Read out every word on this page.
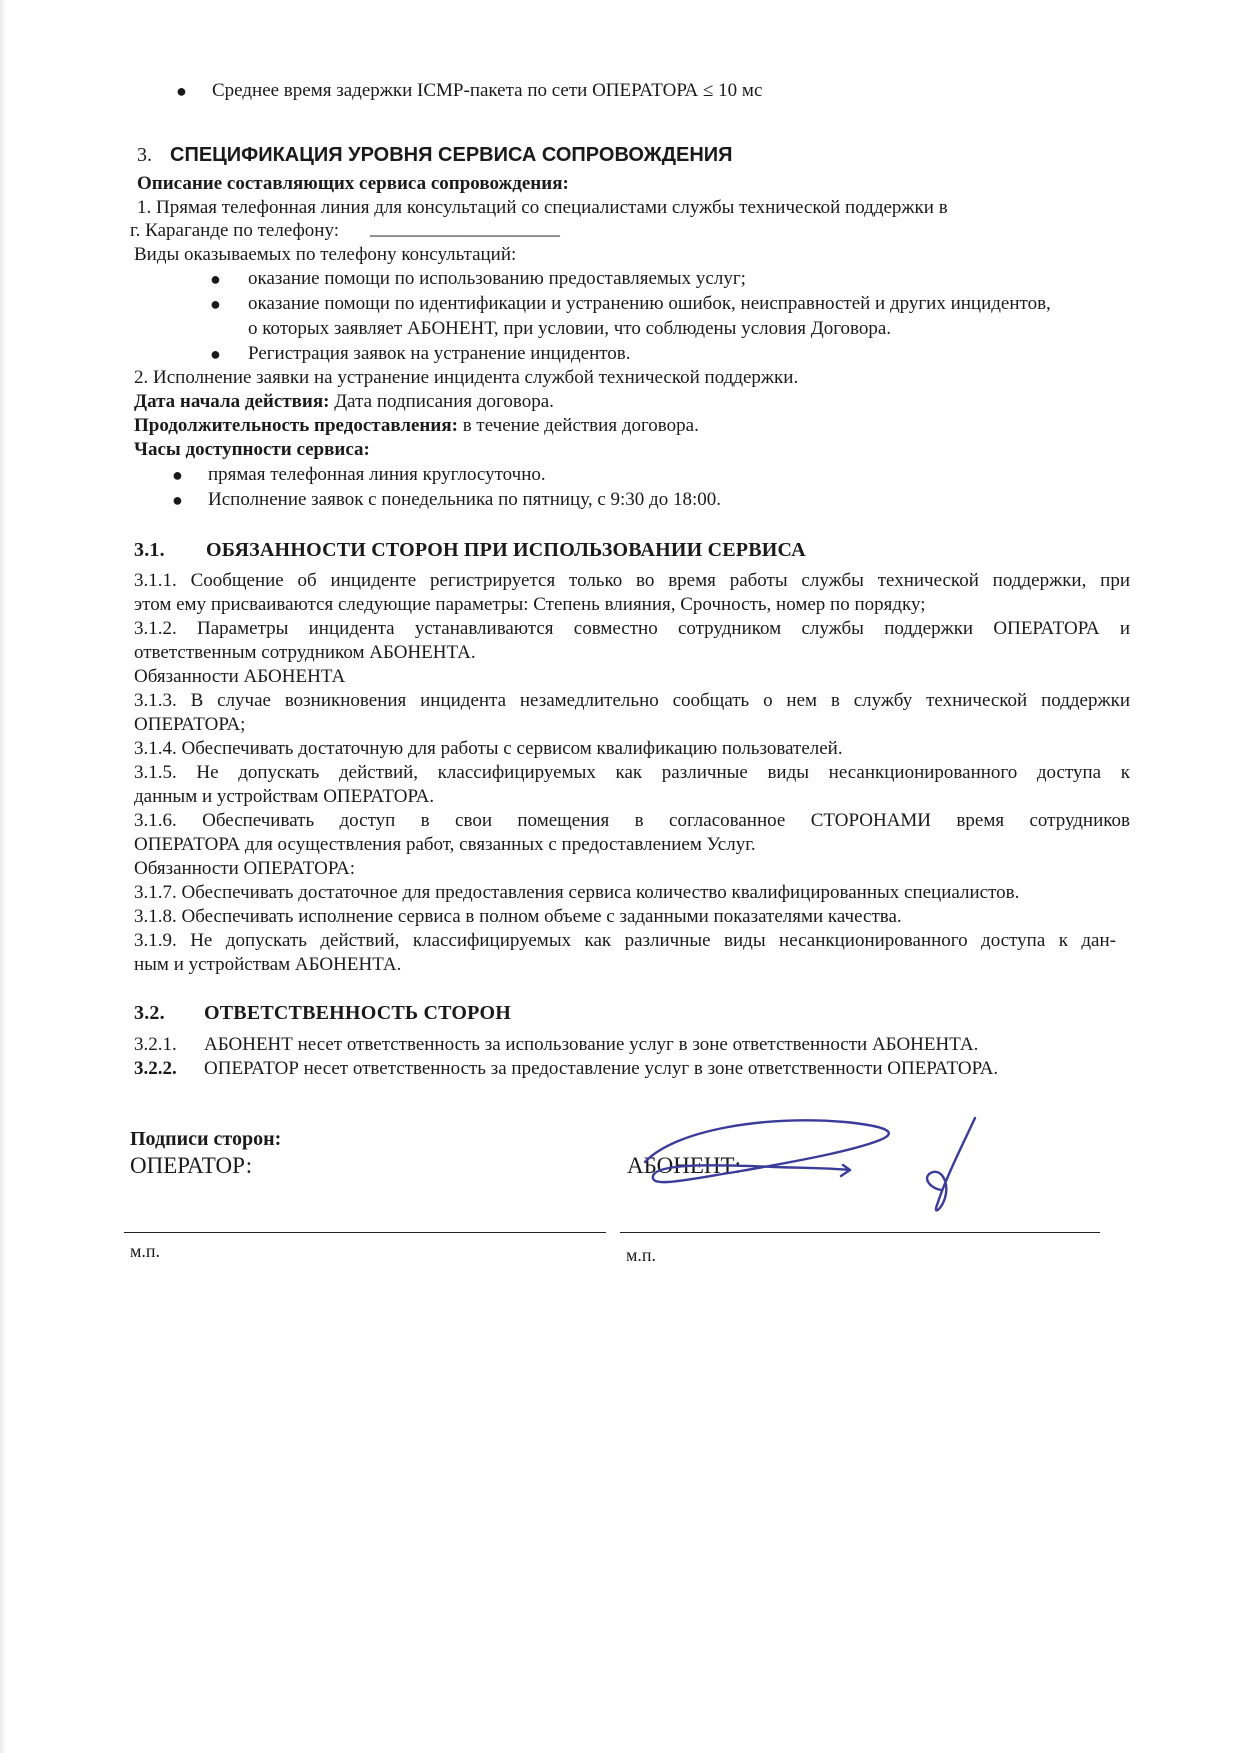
● Среднее время задержки ICMP-пакета по сети ОПЕРАТОРА ≤ 10 мс
3. СПЕЦИФИКАЦИЯ УРОВНЯ СЕРВИСА СОПРОВОЖДЕНИЯ
Описание составляющих сервиса сопровождения:
1. Прямая телефонная линия для консультаций со специалистами службы технической поддержки в
г. Караганде по телефону: ____________________
Виды оказываемых по телефону консультаций:
● оказание помощи по использованию предоставляемых услуг;
● оказание помощи по идентификации и устранению ошибок, неисправностей и других инцидентов,
о которых заявляет АБОНЕНТ, при условии, что соблюдены условия Договора.
● Регистрация заявок на устранение инцидентов.
2. Исполнение заявки на устранение инцидента службой технической поддержки.
Дата начала действия: Дата подписания договора.
Продолжительность предоставления: в течение действия договора.
Часы доступности сервиса:
● прямая телефонная линия круглосуточно.
● Исполнение заявок с понедельника по пятницу, с 9:30 до 18:00.
3.1. ОБЯЗАННОСТИ СТОРОН ПРИ ИСПОЛЬЗОВАНИИ СЕРВИСА
3.1.1. Сообщение об инциденте регистрируется только во время работы службы технической поддержки, при
этом ему присваиваются следующие параметры: Степень влияния, Срочность, номер по порядку;
3.1.2. Параметры инцидента устанавливаются совместно сотрудником службы поддержки ОПЕРАТОРА и
ответственным сотрудником АБОНЕНТА.
Обязанности АБОНЕНТА
3.1.3. В случае возникновения инцидента незамедлительно сообщать о нем в службу технической поддержки
ОПЕРАТОРА;
3.1.4. Обеспечивать достаточную для работы с сервисом квалификацию пользователей.
3.1.5. Не допускать действий, классифицируемых как различные виды несанкционированного доступа к
данным и устройствам ОПЕРАТОРА.
3.1.6. Обеспечивать доступ в свои помещения в согласованное СТОРОНАМИ время сотрудников
ОПЕРАТОРА для осуществления работ, связанных с предоставлением Услуг.
Обязанности ОПЕРАТОРА:
3.1.7. Обеспечивать достаточное для предоставления сервиса количество квалифицированных специалистов.
3.1.8. Обеспечивать исполнение сервиса в полном объеме с заданными показателями качества.
3.1.9. Не допускать действий, классифицируемых как различные виды несанкционированного доступа к дан-
ным и устройствам АБОНЕНТА.
3.2. ОТВЕТСТВЕННОСТЬ СТОРОН
3.2.1. АБОНЕНТ несет ответственность за использование услуг в зоне ответственности АБОНЕНТА.
3.2.2. ОПЕРАТОР несет ответственность за предоставление услуг в зоне ответственности ОПЕРАТОРА.
Подписи сторон:
ОПЕРАТОР:	АБОНЕНТ:
м.п.	м.п.
